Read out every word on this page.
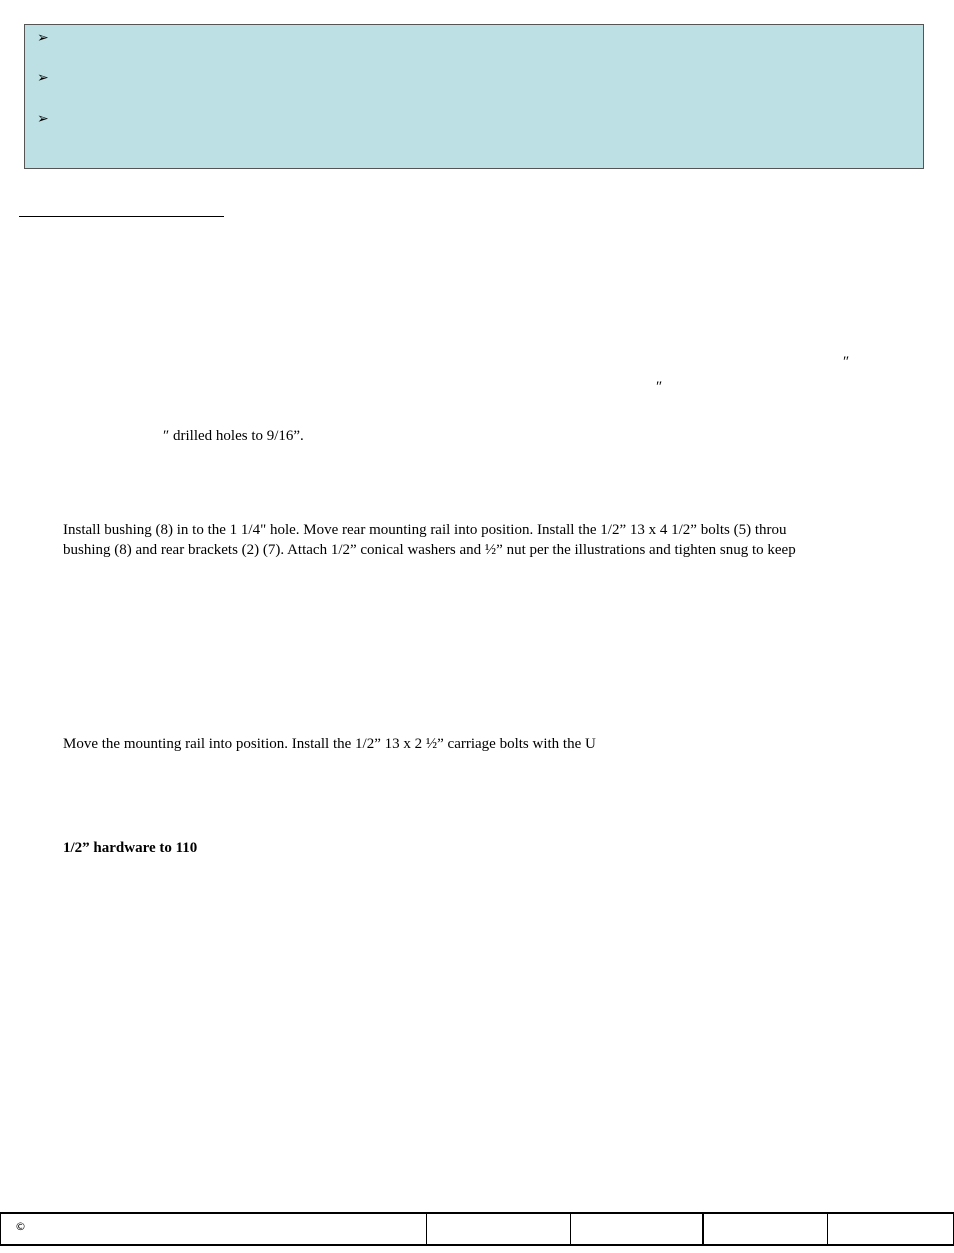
➢
➢
➢
″
″
″ drilled holes to 9/16”.
Install bushing (8) in to the 1 1/4" hole. Move rear mounting rail into position. Install the 1/2” 13 x 4 1/2” bolts (5) throu
bushing (8) and rear brackets (2) (7). Attach 1/2” conical washers and ½” nut per the illustrations and tighten snug to keep
Move the mounting rail into position. Install the 1/2” 13 x 2 ½” carriage bolts with the U
1/2” hardware to 110
©
